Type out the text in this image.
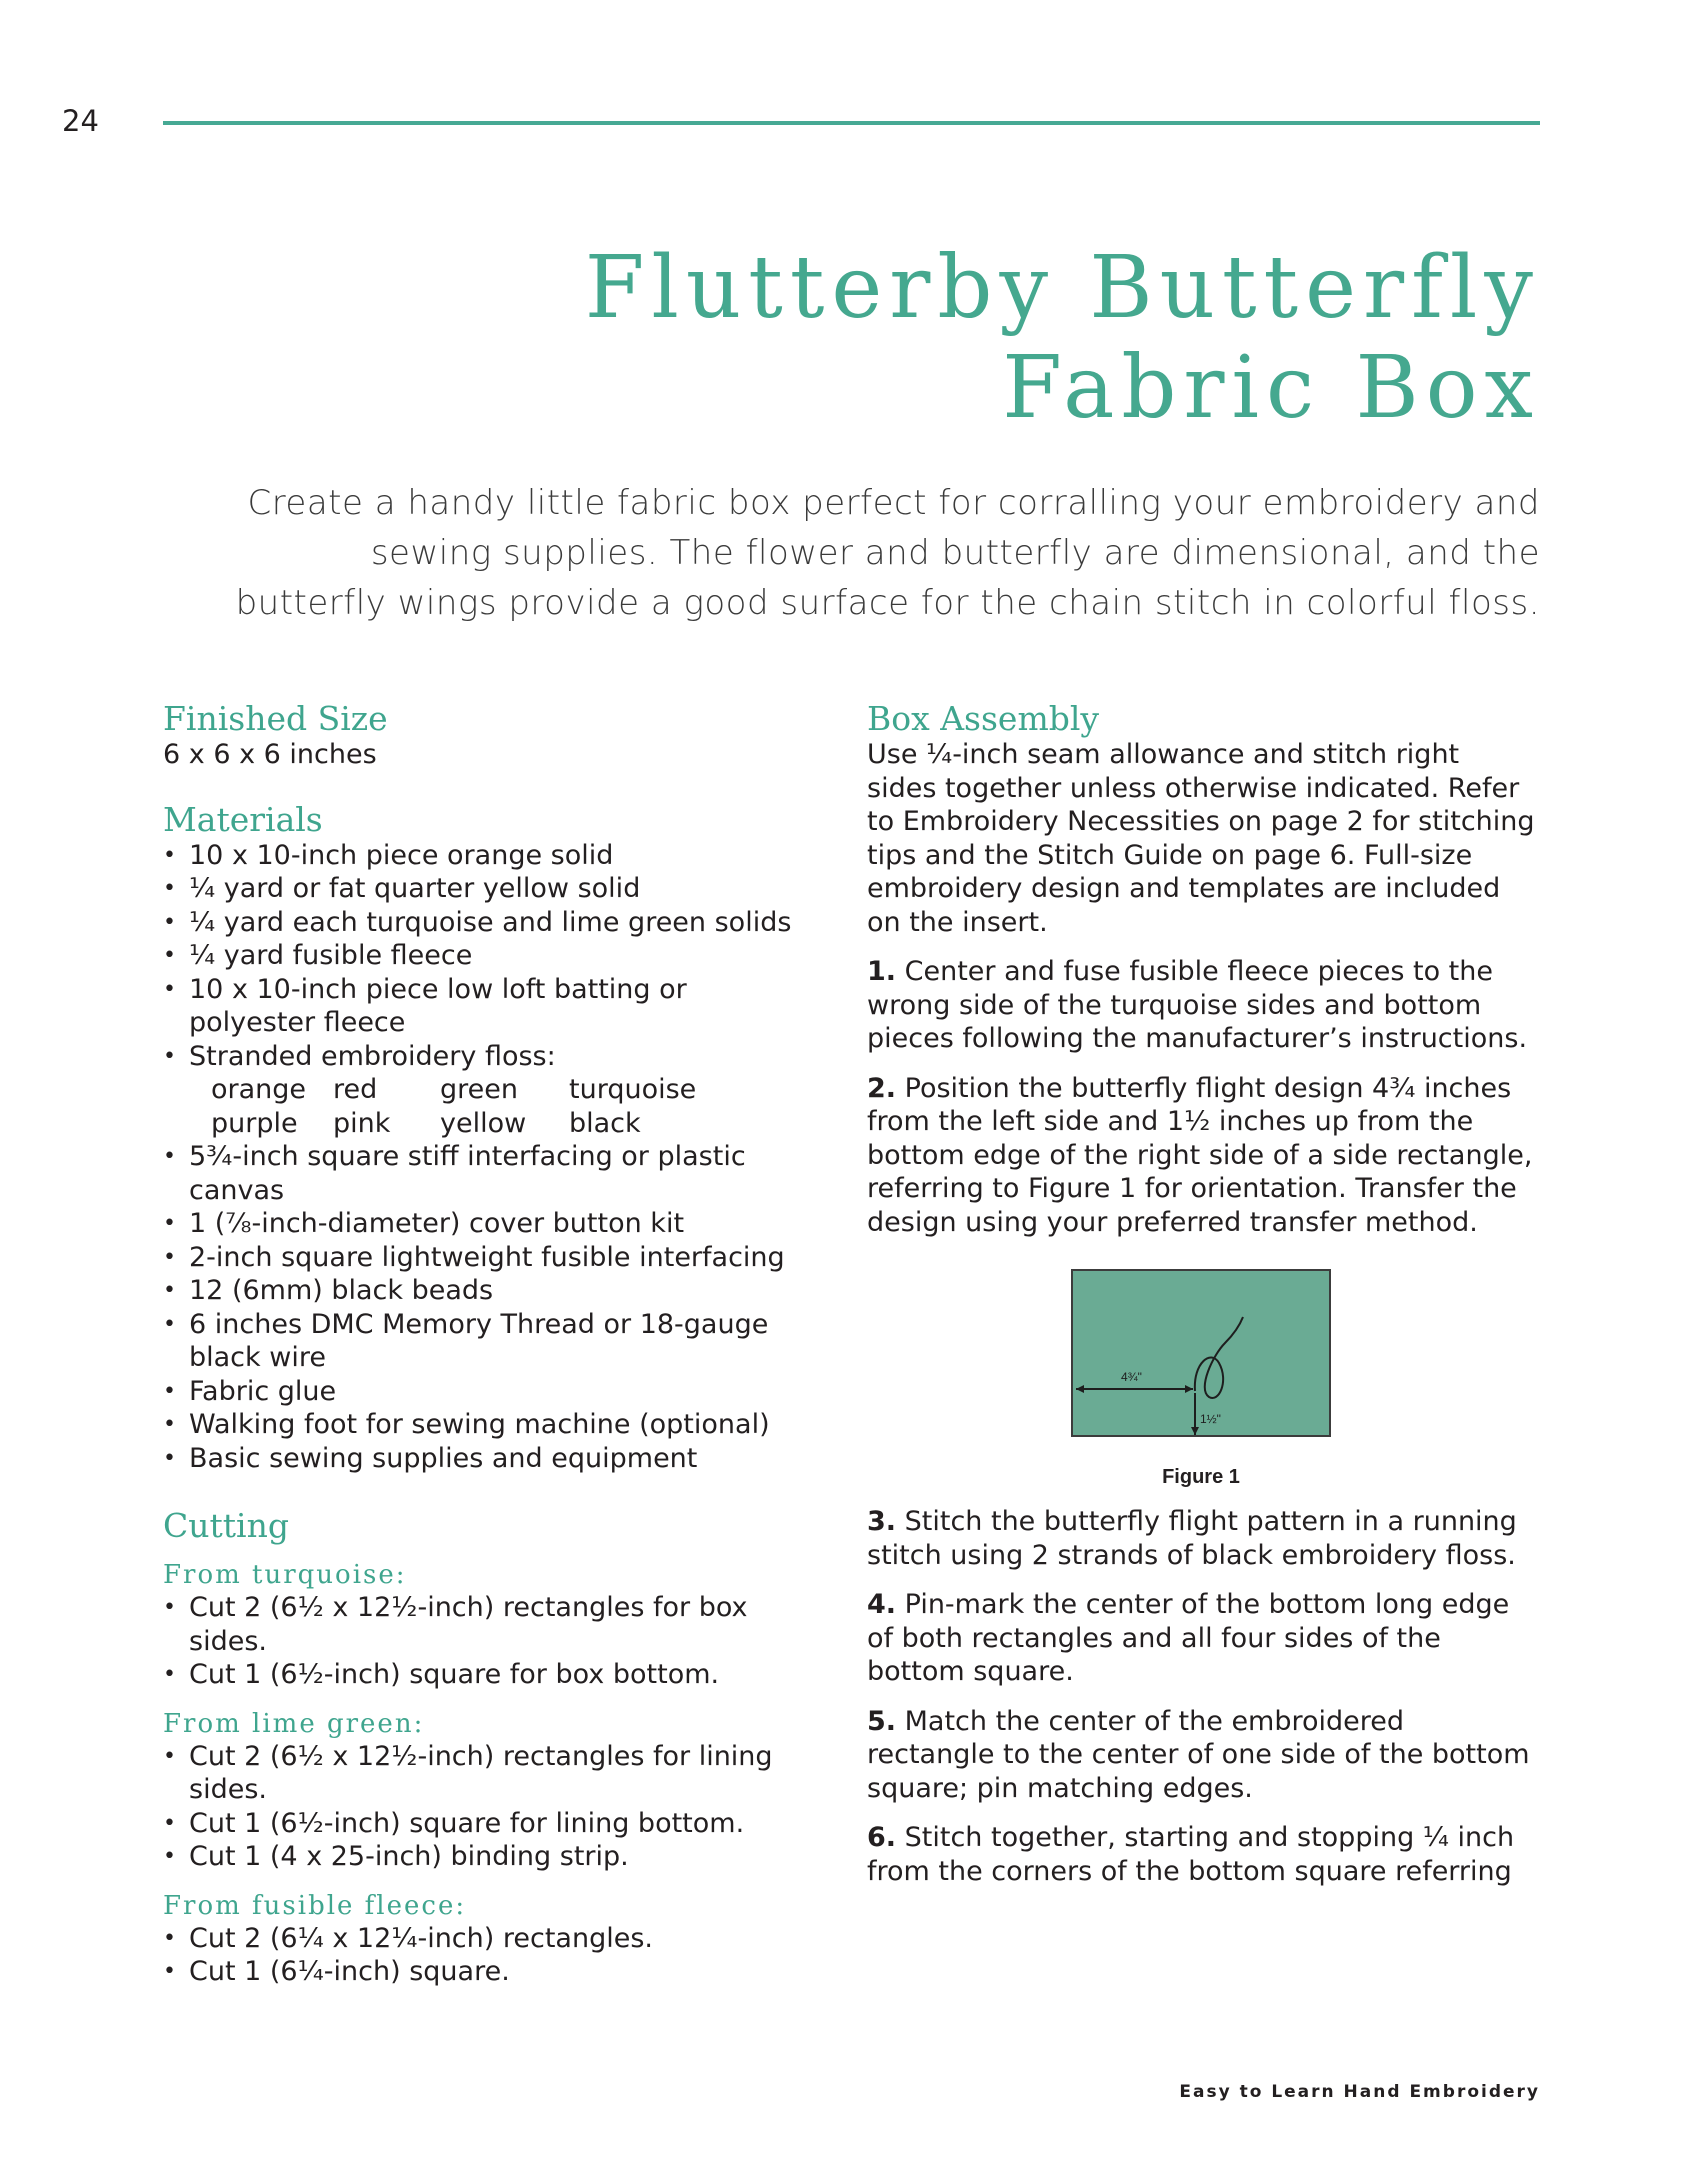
24
Flutterby Butterfly
Fabric Box
Create a handy little fabric box perfect for corralling your embroidery and sewing supplies. The flower and butterfly are dimensional, and the butterfly wings provide a good surface for the chain stitch in colorful floss.
Finished Size

6 x 6 x 6 inches

Materials
• 10 x 10-inch piece orange solid
• ¼ yard or fat quarter yellow solid
• ¼ yard each turquoise and lime green solids
• ¼ yard fusible fleece
• 10 x 10-inch piece low loft batting or polyester fleece
• Stranded embroidery floss:
orange red	green	turquoise
purple	pink	yellow	black
• 5¾-inch square stiff interfacing or plastic canvas
• 1 (⅞-inch-diameter) cover button kit
• 2-inch square lightweight fusible interfacing
• 12 (6mm) black beads
• 6 inches DMC Memory Thread or 18-gauge black wire
• Fabric glue
• Walking foot for sewing machine (optional)
• Basic sewing supplies and equipment
Cutting
From turquoise:
• Cut 2 (6½ x 12½-inch) rectangles for box sides.
• Cut 1 (6½-inch) square for box bottom.
From lime green:
• Cut 2 (6½ x 12½-inch) rectangles for lining sides.
• Cut 1 (6½-inch) square for lining bottom.
• Cut 1 (4 x 25-inch) binding strip.
From fusible fleece:
• Cut 2 (6¼ x 12¼-inch) rectangles.
• Cut 1 (6¼-inch) square.
Box Assembly

Use ¼-inch seam allowance and stitch right sides together unless otherwise indicated. Refer to Embroidery Necessities on page 2 for stitching tips and the Stitch Guide on page 6. Full-size embroidery design and templates are included on the insert.

1. Center and fuse fusible fleece pieces to the wrong side of the turquoise sides and bottom pieces following the manufacturer’s instructions.

2. Position the butterfly flight design 4¾ inches from the left side and 1½ inches up from the bottom edge of the right side of a side rectangle, referring to Figure 1 for orientation. Transfer the design using your preferred transfer method.

3. Stitch the butterfly flight pattern in a running stitch using 2 strands of black embroidery floss.

4. Pin-mark the center of the bottom long edge of both rectangles and all four sides of the bottom square.

5. Match the center of the embroidered rectangle to the center of one side of the bottom square; pin matching edges.

6. Stitch together, starting and stopping ¼ inch from the corners of the bottom square referring

4¾"
1½"
Figure 1
Easy to Learn Hand Embroidery
